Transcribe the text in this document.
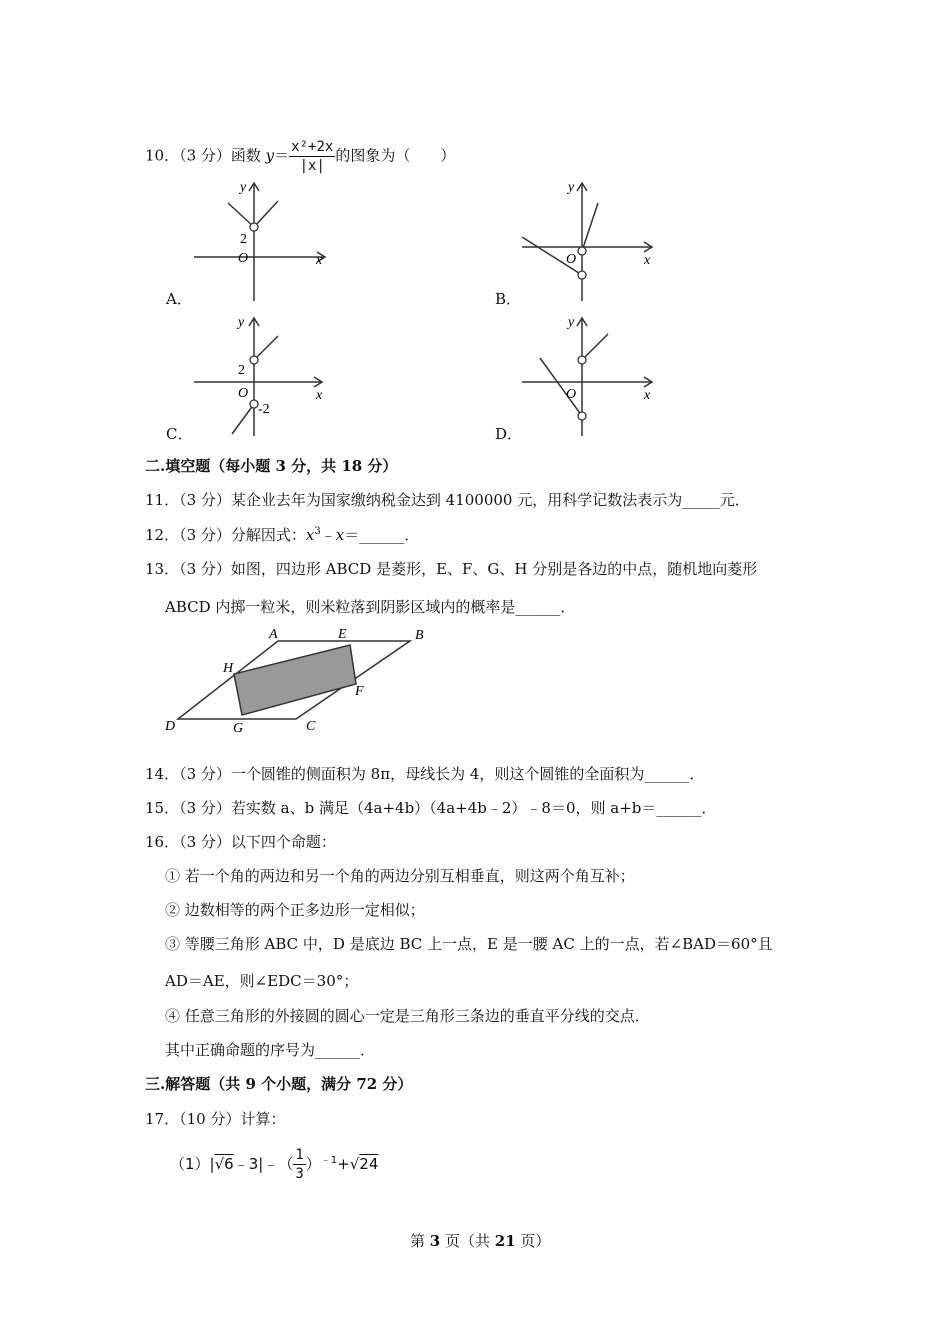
10．（3 分）函数 $y= \frac{\text{x²+2x}}{|x|}$ 的图象为（　　）
y
x
2
O
A．
y
x
O
B．
y
x
2
O
-2
C．
y
x
O
D．
二.填空题（每小题 3 分，共 18 分）
11．（3 分）某企业去年为国家缴纳税金达到 4100000 元，用科学记数法表示为_____元．
12．（3 分）分解因式：$x^3﹣x=\_\_\_\_\_\_$．
13．（3 分）如图，四边形 ABCD 是菱形，E、F、G、H 分别是各边的中点，随机地向菱形
ABCD 内掷一粒米，则米粒落到阴影区域内的概率是______．
A	E	B
H
F
D	G	C
14．（3 分）一个圆锥的侧面积为 8π，母线长为 4，则这个圆锥的全面积为______．
15．（3 分）若实数 a、b 满足（4a+4b）（4a+4b﹣2）﹣8＝0，则 a+b＝______．
16．（3 分）以下四个命题：
① 若一个角的两边和另一个角的两边分别互相垂直，则这两个角互补；
② 边数相等的两个正多边形一定相似；
③ 等腰三角形 ABC 中，D 是底边 BC 上一点，E 是一腰 AC 上的一点，若∠BAD＝60°且
AD＝AE，则∠EDC＝30°；
④ 任意三角形的外接圆的圆心一定是三角形三条边的垂直平分线的交点．
其中正确命题的序号为______．
三.解答题（共 9 个小题，满分 72 分）
17．（10 分）计算：
（1）|√6﹣3|﹣（ $\frac{1}{3} )^{﹣1}+√24$
第 3 页（共 21 页）
